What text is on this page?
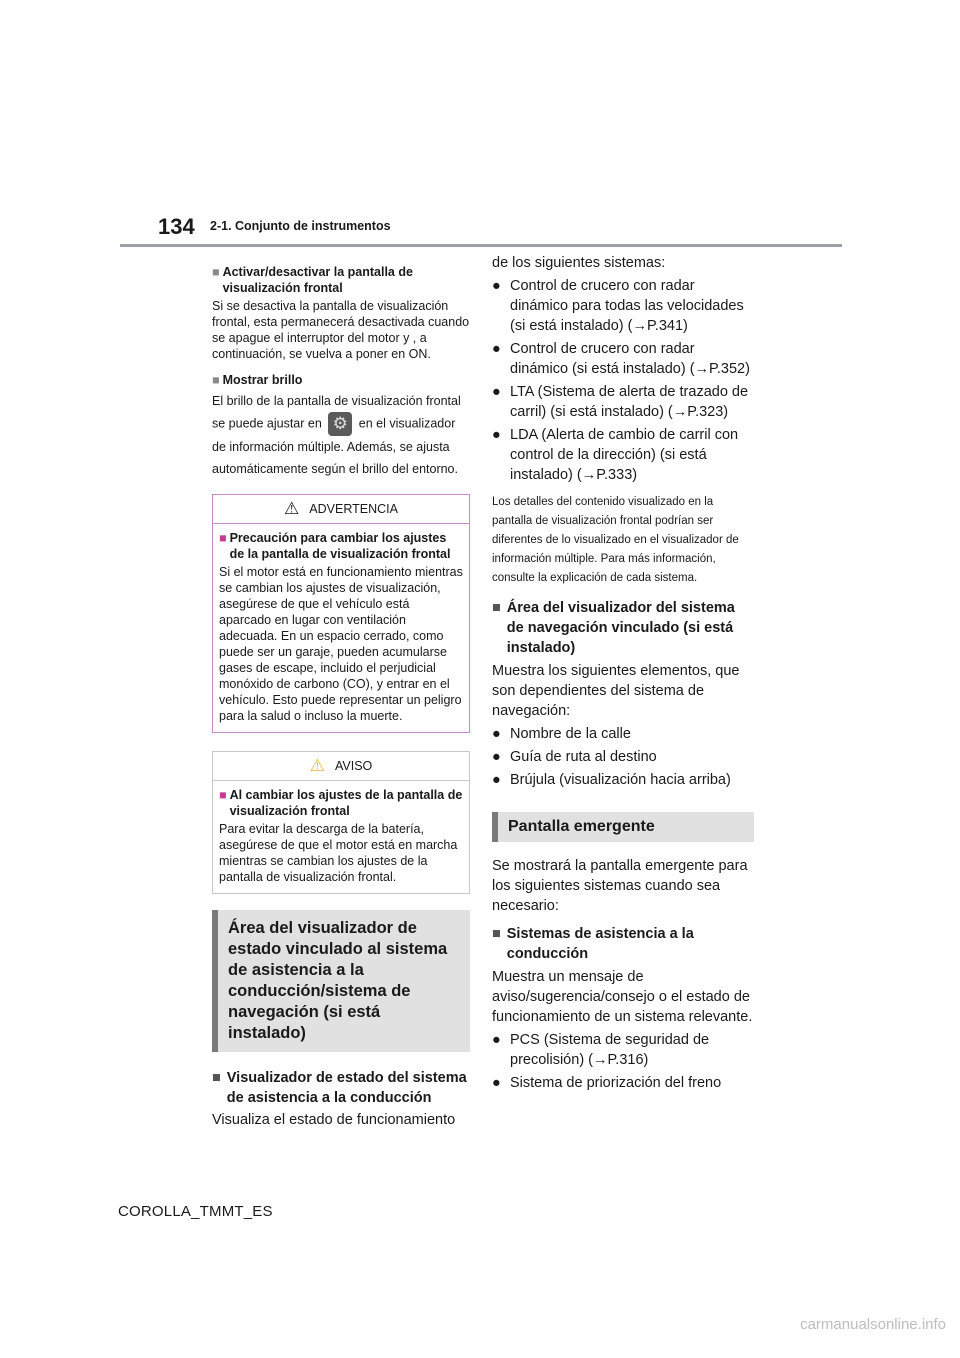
134 2-1. Conjunto de instrumentos
■ Activar/desactivar la pantalla de visualización frontal
Si se desactiva la pantalla de visualización frontal, esta permanecerá desactivada cuando se apague el interruptor del motor y , a continuación, se vuelva a poner en ON.
■ Mostrar brillo
El brillo de la pantalla de visualización frontal se puede ajustar en ⚙	en el visualizador de información múltiple. Además, se ajusta automáticamente según el brillo del entorno.
⚠ ADVERTENCIA
■ Precaución para cambiar los ajustes de la pantalla de visualización frontal
Si el motor está en funcionamiento mientras se cambian los ajustes de visualización, asegúrese de que el vehículo está aparcado en lugar con ventilación adecuada. En un espacio cerrado, como puede ser un garaje, pueden acumularse gases de escape, incluido el perjudicial monóxido de carbono (CO), y entrar en el vehículo. Esto puede representar un peligro para la salud o incluso la muerte.
⚠ AVISO
■ Al cambiar los ajustes de la pantalla de visualización frontal
Para evitar la descarga de la batería, asegúrese de que el motor está en marcha mientras se cambian los ajustes de la pantalla de visualización frontal.
Área del visualizador de estado vinculado al sistema de asistencia a la conducción/sistema de navegación (si está instalado)
■ Visualizador de estado del sistema de asistencia a la conducción
Visualiza el estado de funcionamiento
de los siguientes sistemas:
● Control de crucero con radar dinámico para todas las velocidades (si está instalado) (→P.341)
● Control de crucero con radar dinámico (si está instalado) (→P.352)
● LTA (Sistema de alerta de trazado de carril) (si está instalado) (→P.323)
● LDA (Alerta de cambio de carril con control de la dirección) (si está instalado) (→P.333)
Los detalles del contenido visualizado en la pantalla de visualización frontal podrían ser diferentes de lo visualizado en el visualizador de información múltiple. Para más información, consulte la explicación de cada sistema.
■ Área del visualizador del sistema de navegación vinculado (si está instalado)
Muestra los siguientes elementos, que son dependientes del sistema de navegación:
● Nombre de la calle
● Guía de ruta al destino
● Brújula (visualización hacia arriba)
Pantalla emergente
Se mostrará la pantalla emergente para los siguientes sistemas cuando sea necesario:
■ Sistemas de asistencia a la conducción
Muestra un mensaje de aviso/sugerencia/consejo o el estado de funcionamiento de un sistema relevante.
● PCS (Sistema de seguridad de precolisión) (→P.316)
● Sistema de priorización del freno
COROLLA_TMMT_ES
carmanualsonline.info
